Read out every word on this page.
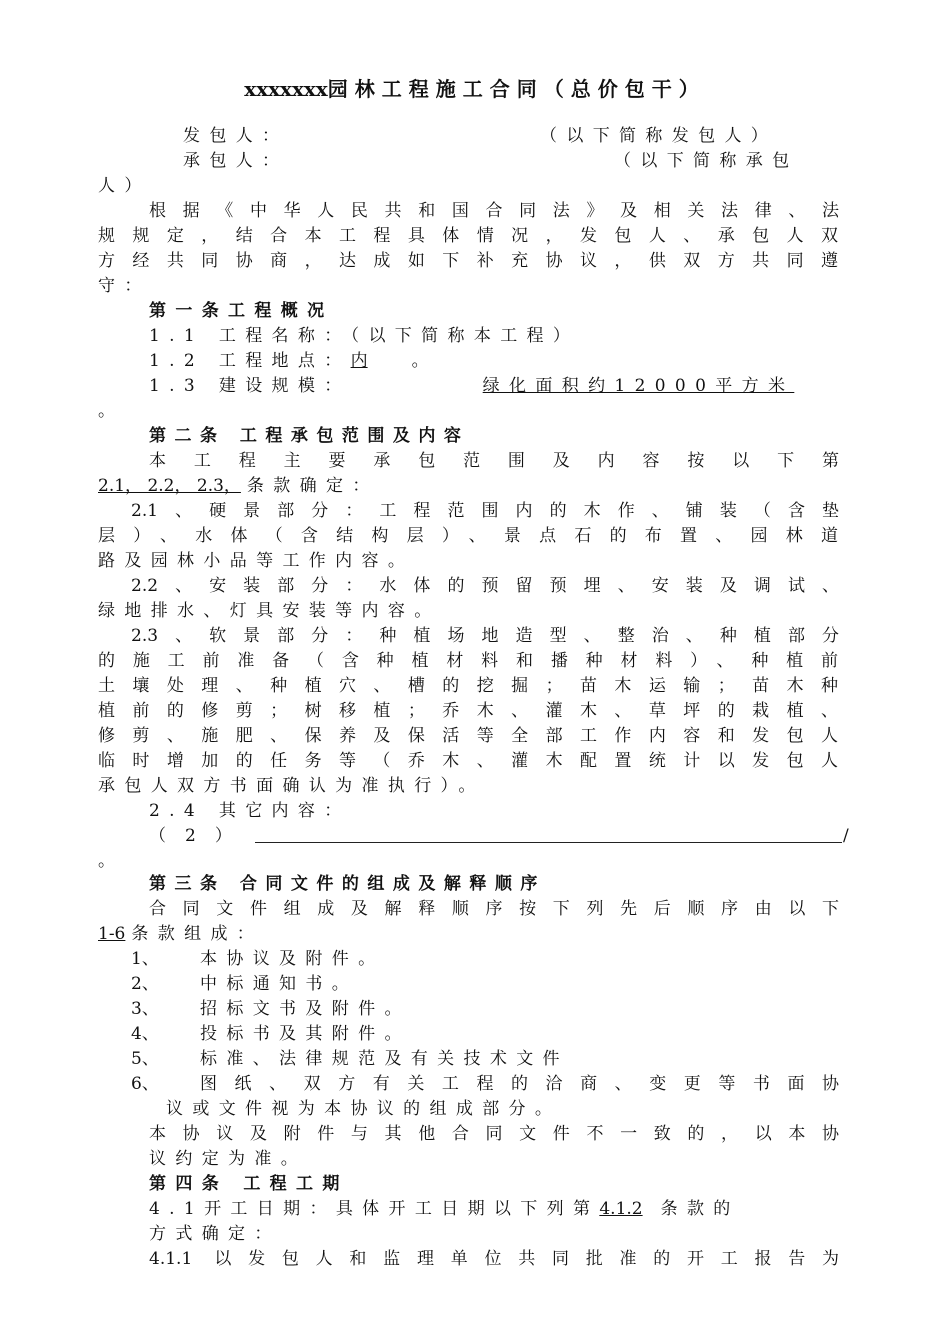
xxxxxxx园林工程施工合同（总价包干）
发包人：	（以下简称发包人）
承包人：	（以下简称承包
人）
根据《中华人民共和国合同法》及相关法律、法
规规定，结合本工程具体情况，发包人、承包人双
方经共同协商，达成如下补充协议，供双方共同遵
守：
第一条工程概况
1.1 工程名称：（以下简称本工程）
1.2 工程地点：内	。
1.3 建设规模：	绿化面积约12000平方米
。
第二条 工程承包范围及内容
本工程主要承包范围及内容按以下第
2.1， 2.2， 2.3， 条款确定：
2.1、硬景部分：工程范围内的木作、铺装（含垫
层）、水体（含结构层）、景点石的布置、园林道
路及园林小品等工作内容。
2.2、安装部分：水体的预留预埋、安装及调试、
绿地排水、灯具安装等内容。
2.3、软景部分：种植场地造型、整治、种植部分
的施工前准备（含种植材料和播种材料）、种植前
土壤处理、种植穴、槽的挖掘；苗木运输；苗木种
植前的修剪；树移植；乔木、灌木、草坪的栽植、
修剪、施肥、保养及保活等全部工作内容和发包人
临时增加的任务等（乔木、灌木配置统计以发包人
承包人双方书面确认为准执行）。
2.4 其它内容：
（ 2 ）	/
。
第三条 合同文件的组成及解释顺序
合同文件组成及解释顺序按下列先后顺序由以下
1-6 条款组成：
1、 本协议及附件。
2、 中标通知书。
3、 招标文书及附件。
4、 投标书及其附件。
5、 标准、法律规范及有关技术文件
6、 图纸、双方有关工程的洽商、变更等书面协
议或文件视为本协议的组成部分。
本协议及附件与其他合同文件不一致的，以本协
议约定为准。
第四条 工程工期
4.1开工日期：具体开工日期以下列第4.1.2 条款的
方式确定：
4.1.1 以发包人和监理单位共同批准的开工报告为
